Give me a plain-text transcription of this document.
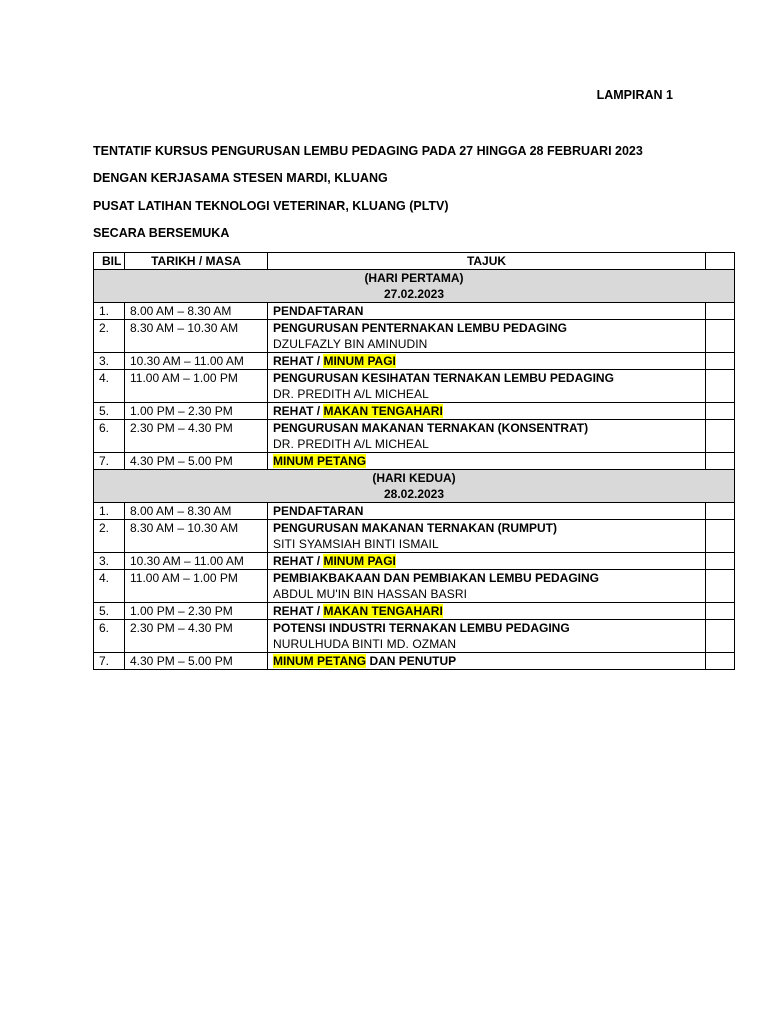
LAMPIRAN 1
TENTATIF KURSUS PENGURUSAN LEMBU PEDAGING PADA 27 HINGGA 28 FEBRUARI 2023
DENGAN KERJASAMA STESEN MARDI, KLUANG
PUSAT LATIHAN TEKNOLOGI VETERINAR, KLUANG (PLTV)
SECARA BERSEMUKA
BIL	TARIKH / MASA	TAJUK	

(HARI PERTAMA)
27.02.2023			

1.	8.00 AM – 8.30 AM	PENDAFTARAN	

2.	8.30 AM – 10.30 AM	PENGURUSAN PENTERNAKAN LEMBU PEDAGING
DZULFAZLY BIN AMINUDIN	

3.	10.30 AM – 11.00 AM	REHAT / MINUM PAGI	

4.	11.00 AM – 1.00 PM	PENGURUSAN KESIHATAN TERNAKAN LEMBU PEDAGING
DR. PREDITH A/L MICHEAL	

5.	1.00 PM – 2.30 PM	REHAT / MAKAN TENGAHARI	

6.	2.30 PM – 4.30 PM	PENGURUSAN MAKANAN TERNAKAN (KONSENTRAT)
DR. PREDITH A/L MICHEAL	

7.	4.30 PM – 5.00 PM	MINUM PETANG	

(HARI KEDUA)
28.02.2023			

1.	8.00 AM – 8.30 AM	PENDAFTARAN	

2.	8.30 AM – 10.30 AM	PENGURUSAN MAKANAN TERNAKAN (RUMPUT)
SITI SYAMSIAH BINTI ISMAIL	

3.	10.30 AM – 11.00 AM	REHAT / MINUM PAGI	

4.	11.00 AM – 1.00 PM	PEMBIAKBAKAAN DAN PEMBIAKAN LEMBU PEDAGING
ABDUL MU'IN BIN HASSAN BASRI	

5.	1.00 PM – 2.30 PM	REHAT / MAKAN TENGAHARI	

6.	2.30 PM – 4.30 PM	POTENSI INDUSTRI TERNAKAN LEMBU PEDAGING
NURULHUDA BINTI MD. OZMAN	

7.	4.30 PM – 5.00 PM	MINUM PETANG DAN PENUTUP	
